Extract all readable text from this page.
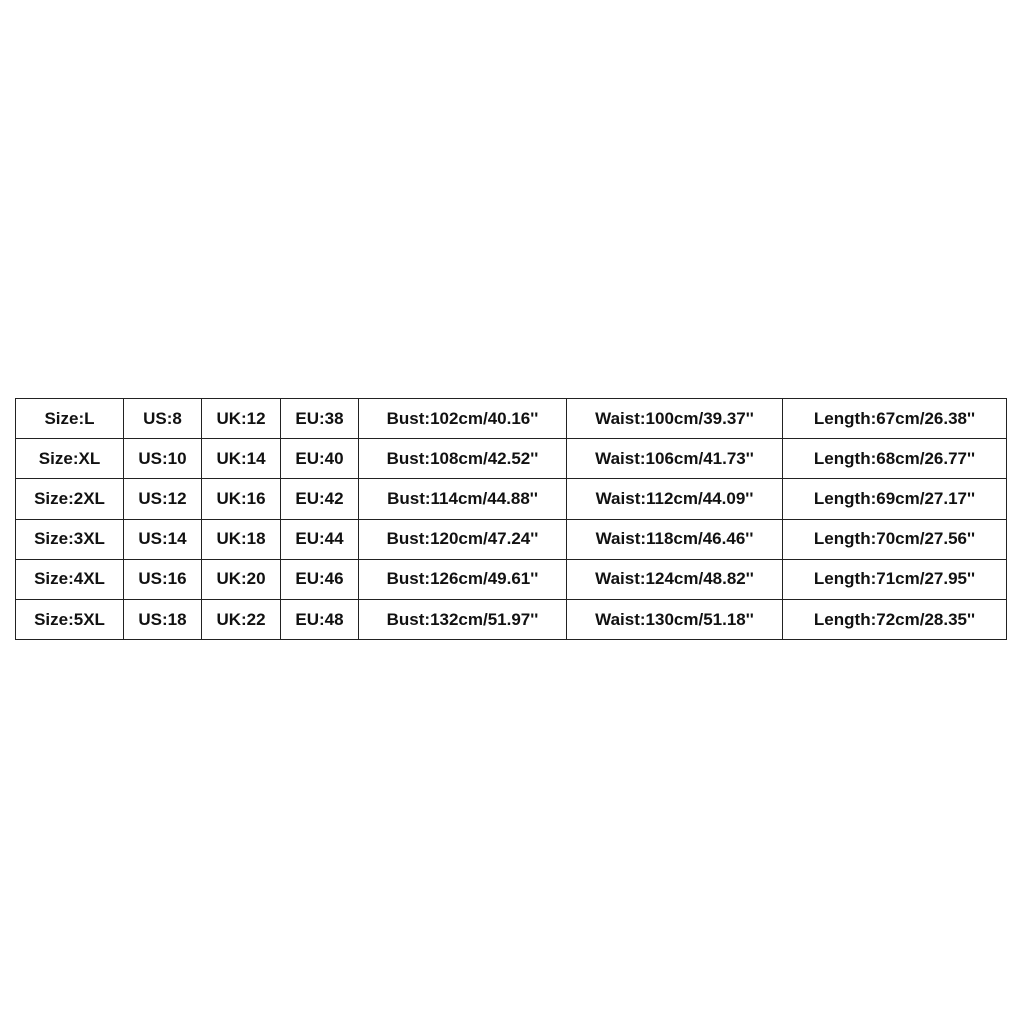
Size:L	US:8	UK:12	EU:38	Bust:102cm/40.16''	Waist:100cm/39.37''	Length:67cm/26.38''
Size:XL	US:10	UK:14	EU:40	Bust:108cm/42.52''	Waist:106cm/41.73''	Length:68cm/26.77''
Size:2XL	US:12	UK:16	EU:42	Bust:114cm/44.88''	Waist:112cm/44.09''	Length:69cm/27.17''
Size:3XL	US:14	UK:18	EU:44	Bust:120cm/47.24''	Waist:118cm/46.46''	Length:70cm/27.56''
Size:4XL	US:16	UK:20	EU:46	Bust:126cm/49.61''	Waist:124cm/48.82''	Length:71cm/27.95''
Size:5XL	US:18	UK:22	EU:48	Bust:132cm/51.97''	Waist:130cm/51.18''	Length:72cm/28.35''
